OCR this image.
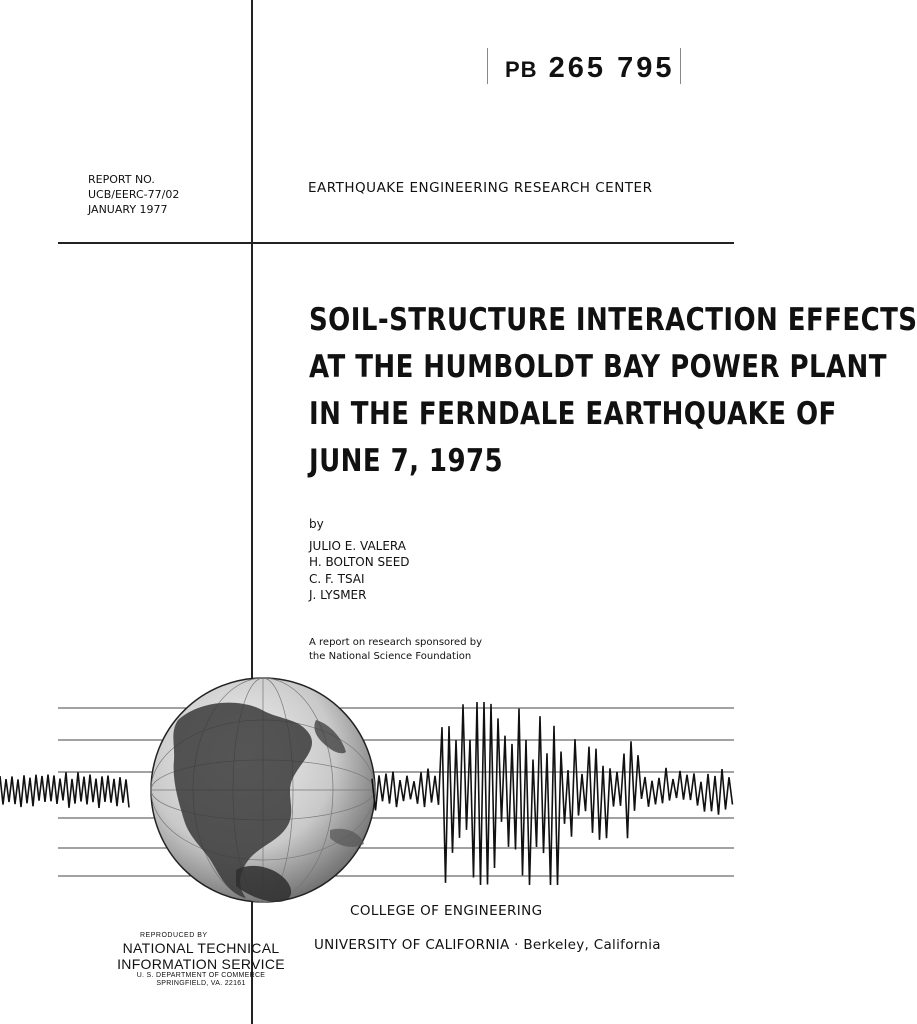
PB 265 795
REPORT NO.
UCB/EERC-77/02
JANUARY 1977
EARTHQUAKE ENGINEERING RESEARCH CENTER
SOIL-STRUCTURE INTERACTION EFFECTS
AT THE HUMBOLDT BAY POWER PLANT
IN THE FERNDALE EARTHQUAKE OF
JUNE 7, 1975
by
JULIO E. VALERA
H. BOLTON SEED
C. F. TSAI
J. LYSMER
A report on research sponsored by
the National Science Foundation
COLLEGE OF ENGINEERING
UNIVERSITY OF CALIFORNIA · Berkeley, California
REPRODUCED BY
NATIONAL TECHNICAL
INFORMATION SERVICE
U. S. DEPARTMENT OF COMMERCE
SPRINGFIELD, VA. 22161
